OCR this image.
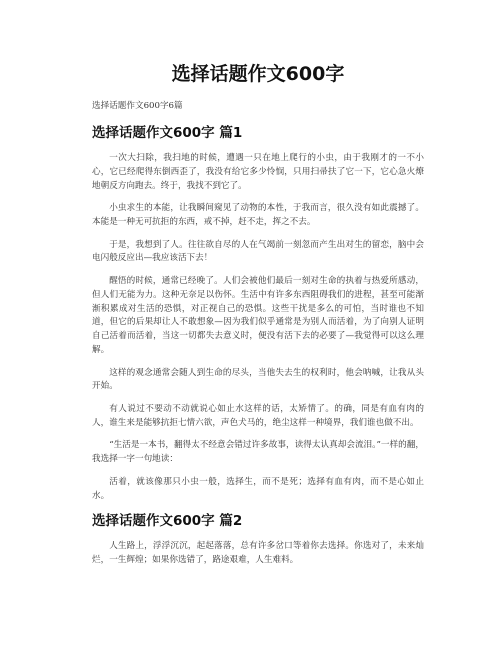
选择话题作文600字
选择话题作文600字6篇
选择话题作文600字 篇1

一次大扫除，我扫地的时候，遭遇一只在地上爬行的小虫，由于我刚才的一不小心，它已经爬得东倒西歪了，我没有给它多少怜悯，只用扫帚扶了它一下，它心急火燎地朝反方向跑去。终于，我找不到它了。

小虫求生的本能，让我瞬间窥见了动物的本性，于我而言，很久没有如此震撼了。本能是一种无可抗拒的东西，戒不掉，赶不走，挥之不去。

于是，我想到了人。往往欲自尽的人在气竭前一刻忽而产生出对生的留恋，脑中会电闪般反应出—我应该活下去！

醒悟的时候，通常已经晚了。人们会被他们最后一刻对生命的执着与热爱所感动，但人们无能为力。这种无奈足以伤怀。生活中有许多东西阻碍我们的进程，甚至可能渐渐积累成对生活的恐惧，对正视自己的恐惧。这些干扰是多么的可怕，当时谁也不知道，但它的后果却让人不敢想象—因为我们似乎通常是为别人而活着，为了向别人证明自己活着而活着，当这一切都失去意义时，便没有活下去的必要了—我觉得可以这么理解。

这样的观念通常会随人到生命的尽头，当他失去生的权利时，他会呐喊，让我从头开始。

有人说过不要动不动就说心如止水这样的话，太矫情了。的确，同是有血有肉的人，谁生来是能够抗拒七情六欲，声色犬马的，绝尘这样一种境界，我们谁也做不出。

“生活是一本书，翻得太不经意会错过许多故事，读得太认真却会流泪。”一样的翻，我选择一字一句地读：

活着，就该像那只小虫一般，选择生，而不是死；选择有血有肉，而不是心如止水。

选择话题作文600字 篇2

人生路上，浮浮沉沉，起起落落，总有许多岔口等着你去选择。你选对了，未来灿烂，一生辉煌；如果你选错了，路途艰难，人生难料。
